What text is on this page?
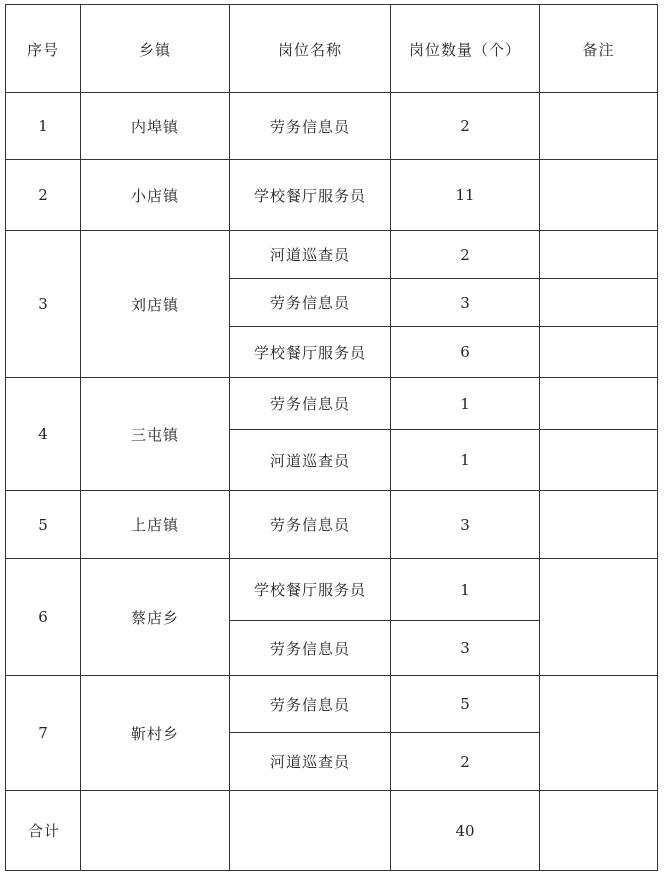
序号	乡镇	岗位名称	岗位数量（个）	备注
1	内埠镇	劳务信息员	2	
2	小店镇	学校餐厅服务员	11	
3	刘店镇	河道巡查员	2	
		劳务信息员	3	
		学校餐厅服务员	6	
4	三屯镇	劳务信息员	1	
		河道巡查员	1	
5	上店镇	劳务信息员	3	
6	蔡店乡	学校餐厅服务员	1	
		劳务信息员	3	
7	靳村乡	劳务信息员	5	
		河道巡查员	2	
合计			40	
